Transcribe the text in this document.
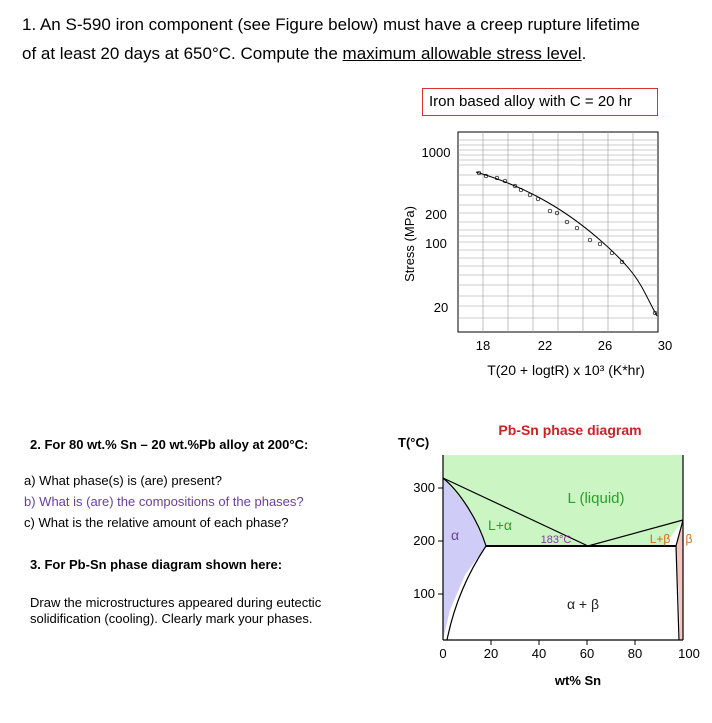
1. An S-590 iron component (see Figure below) must have a creep rupture lifetime
of at least 20 days at 650°C. Compute the maximum allowable stress level.
Iron based alloy with C = 20 hr
2. For 80 wt.% Sn – 20 wt.%Pb alloy at 200°C:
a) What phase(s) is (are) present?
b) What is (are) the compositions of the phases?
c) What is the relative amount of each phase?
3. For Pb-Sn phase diagram shown here:
Draw the microstructures appeared during eutectic
solidification (cooling). Clearly mark your phases.
Stress (MPa)
1000
200
100
20
18	22	26	30
T(20 + log​tR) x 10³ (K*hr)
Pb-Sn phase diagram
T(°C)
300
200
100
0	20	40	60	80	100
wt% Sn
L (liquid)
α
L+α
183°C	L+β β
α + β
